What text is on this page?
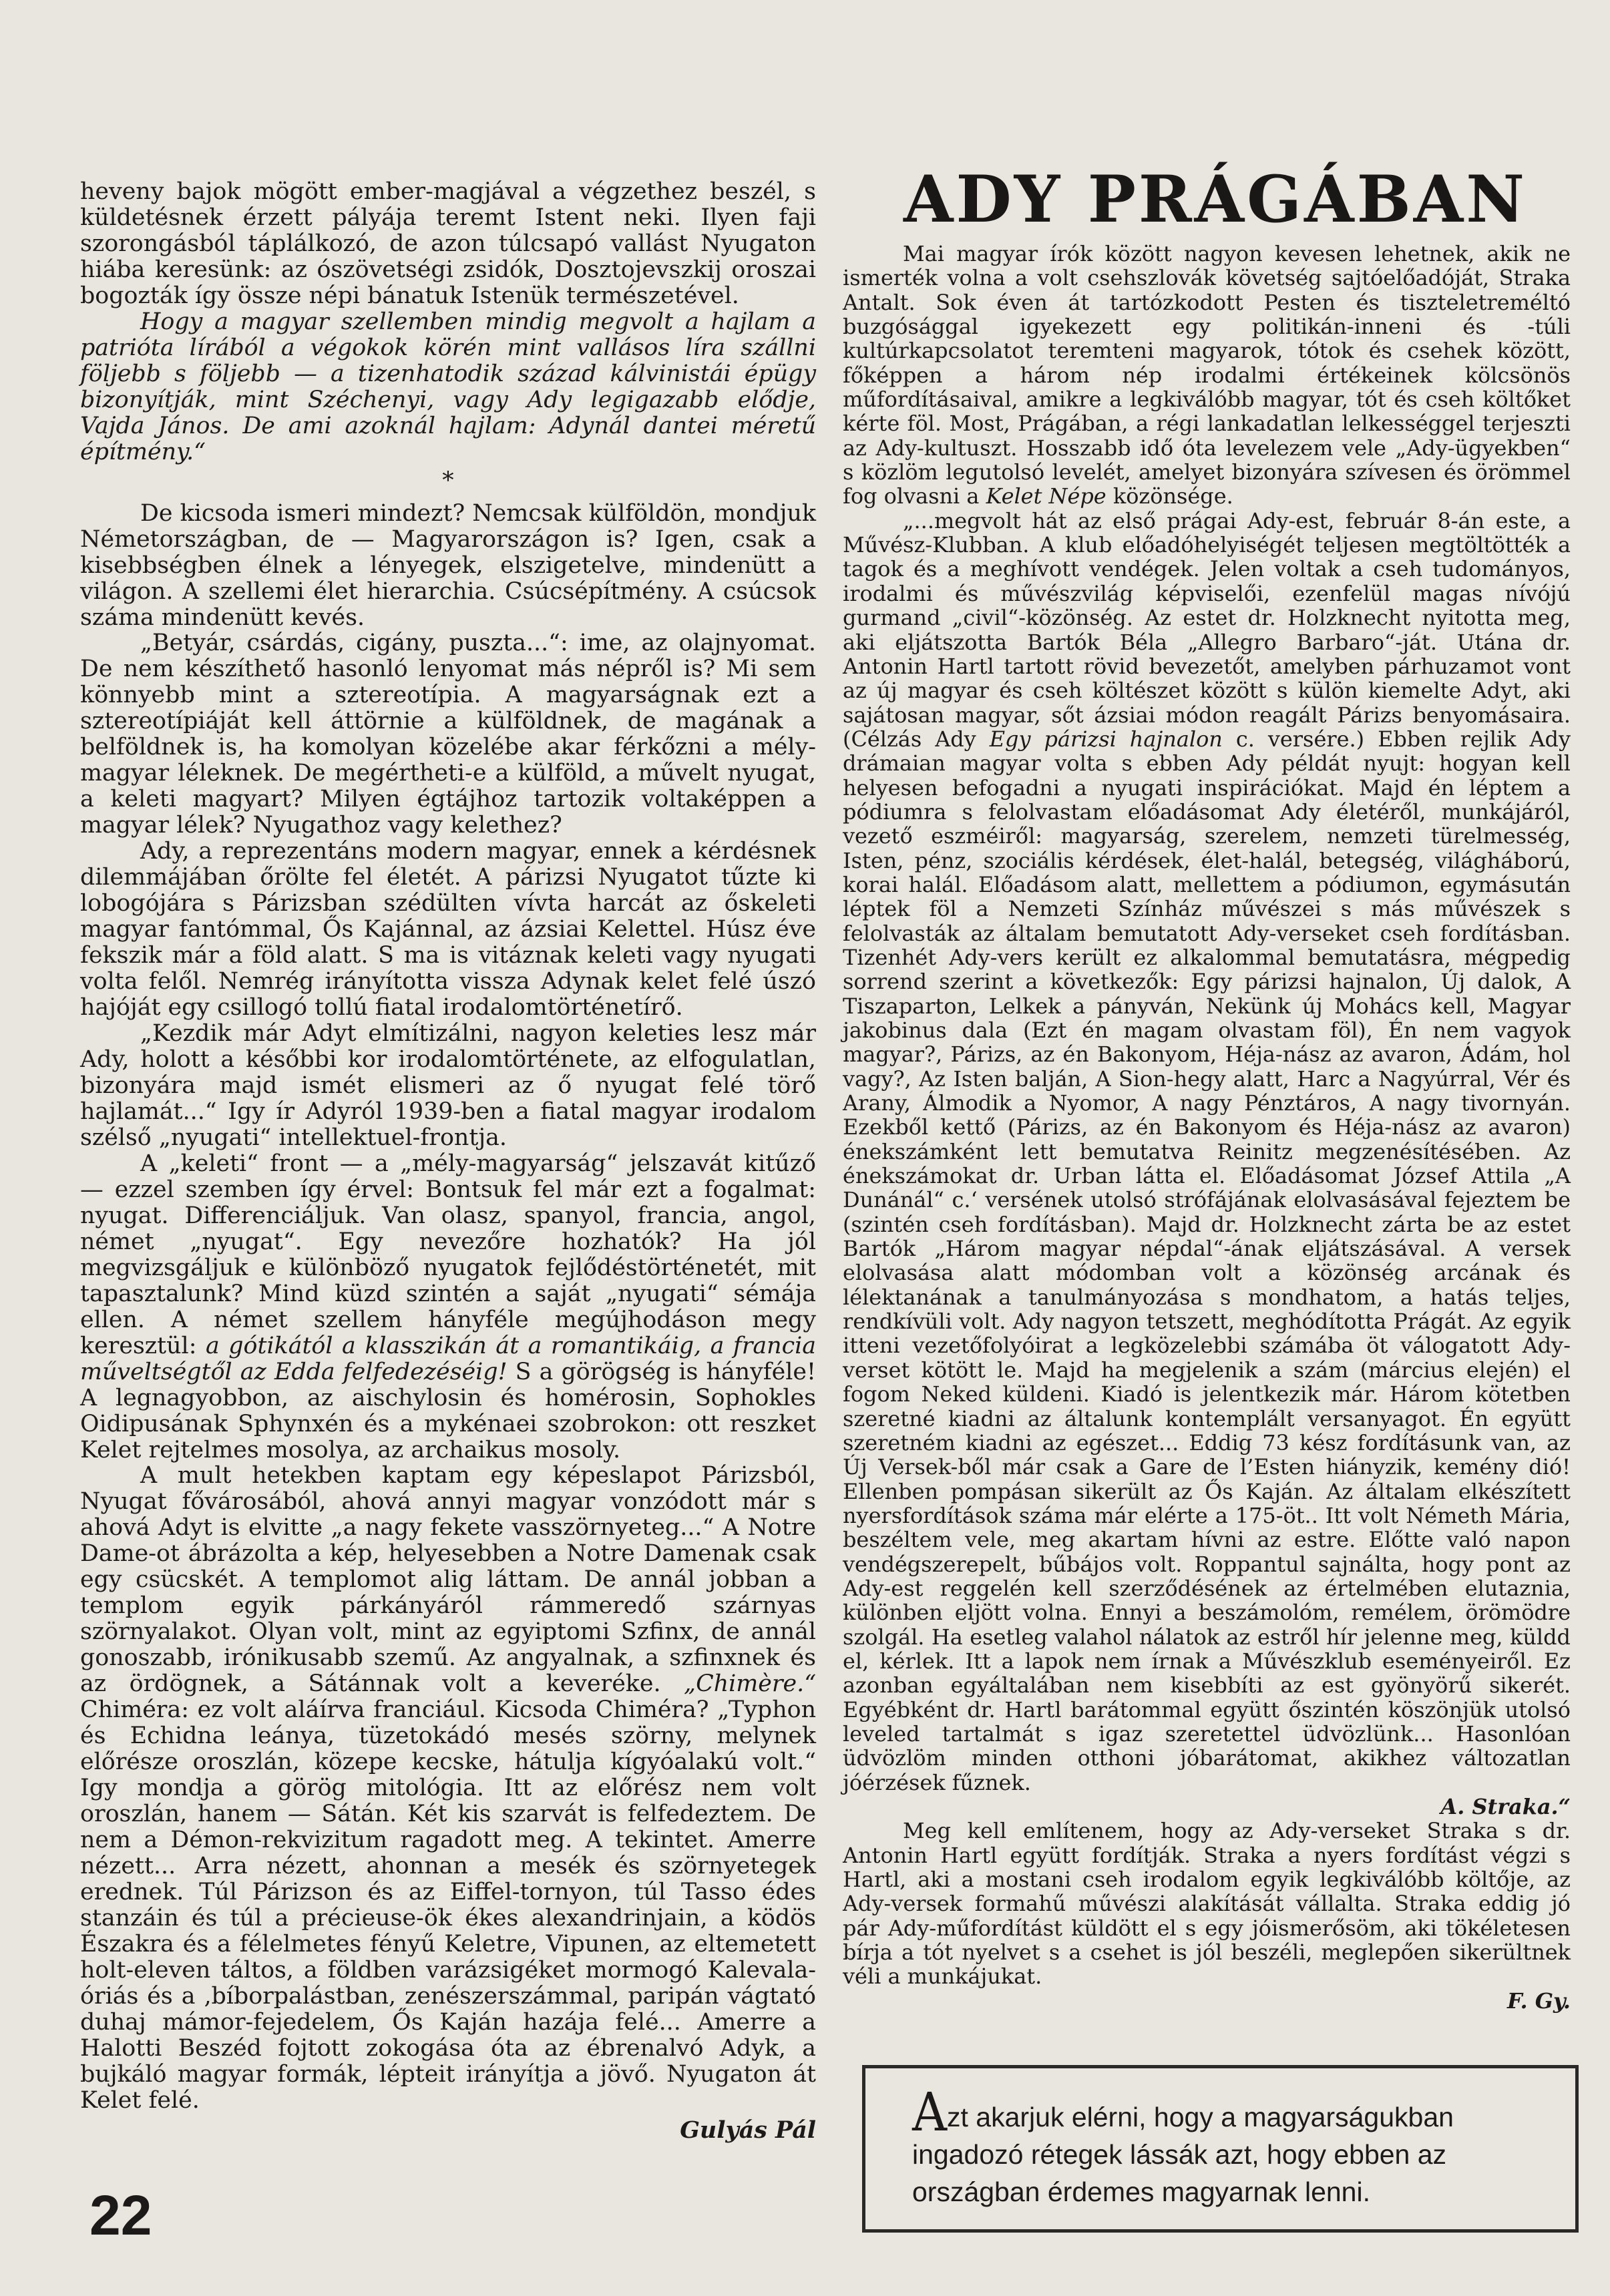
ADY PRÁGÁBAN

heveny bajok mögött ember-magjával a végzethez beszél, s küldetésnek érzett pályája teremt Istent neki. Ilyen faji szorongásból táplálkozó, de azon túlcsapó vallást Nyugaton hiába keresünk: az ószövetségi zsidók, Dosztojevszkij oroszai bogozták így össze népi bánatuk Istenük természetével.

Hogy a magyar szellemben mindig megvolt a hajlam a patrióta lírából a végokok körén mint vallásos líra szállni följebb s följebb — a tizenhatodik század kálvinistái épügy bizonyítják, mint Széchenyi, vagy Ady legigazabb elődje, Vajda János. De ami azoknál hajlam: Adynál dantei méretű építmény.“

*

De kicsoda ismeri mindezt? Nemcsak külföldön, mondjuk Németországban, de — Magyarországon is? Igen, csak a kisebbségben élnek a lényegek, elszigetelve, mindenütt a világon. A szellemi élet hierarchia. Csúcsépítmény. A csúcsok száma mindenütt kevés.

„Betyár, csárdás, cigány, puszta...“: ime, az olajnyomat. De nem készíthető hasonló lenyomat más népről is? Mi sem könnyebb mint a sztereotípia. A magyarságnak ezt a sztereotípiáját kell áttörnie a külföldnek, de magának a belföldnek is, ha komolyan közelébe akar férkőzni a mély-magyar léleknek. De megértheti-e a külföld, a művelt nyugat, a keleti magyart? Milyen égtájhoz tartozik voltaképpen a magyar lélek? Nyugathoz vagy kelethez?

Ady, a reprezentáns modern magyar, ennek a kérdésnek dilemmájában őrölte fel életét. A párizsi Nyugatot tűzte ki lobogójára s Párizsban szédülten vívta harcát az őskeleti magyar fantómmal, Ős Kajánnal, az ázsiai Kelettel. Húsz éve fekszik már a föld alatt. S ma is vitáznak keleti vagy nyugati volta felől. Nemrég irányította vissza Adynak kelet felé úszó hajóját egy csillogó tollú fiatal irodalomtörténetírő.

„Kezdik már Adyt elmítizálni, nagyon keleties lesz már Ady, holott a későbbi kor irodalomtörténete, az elfogulatlan, bizonyára majd ismét elismeri az ő nyugat felé törő hajlamát...“ Igy ír Adyról 1939-ben a fiatal magyar irodalom szélső „nyugati“ intellektuel-frontja.

A „keleti“ front — a „mély-magyarság“ jelszavát kitűző — ezzel szemben így érvel: Bontsuk fel már ezt a fogalmat: nyugat. Differenciáljuk. Van olasz, spanyol, francia, angol, német „nyugat“. Egy nevezőre hozhatók? Ha jól megvizsgáljuk e különböző nyugatok fejlődéstörténetét, mit tapasztalunk? Mind küzd szintén a saját „nyugati“ sémája ellen. A német szellem hányféle megújhodáson megy keresztül: a gótikától a klasszikán át a romantikáig, a francia műveltségtől az Edda felfedezéséig! S a görögség is hányféle! A legnagyobbon, az aischylosin és homérosin, Sophokles Oidipusának Sphynxén és a mykénaei szobrokon: ott reszket Kelet rejtelmes mosolya, az archaikus mosoly.

A mult hetekben kaptam egy képeslapot Párizsból, Nyugat fővárosából, ahová annyi magyar vonzódott már s ahová Adyt is elvitte „a nagy fekete vasszörnyeteg...“ A Notre Dame-ot ábrázolta a kép, helyesebben a Notre Damenak csak egy csücskét. A templomot alig láttam. De annál jobban a templom egyik párkányáról rámmeredő szárnyas szörnyalakot. Olyan volt, mint az egyiptomi Szfinx, de annál gonoszabb, irónikusabb szemű. Az angyalnak, a szfinxnek és az ördögnek, a Sátánnak volt a keveréke. „Chimère.“ Chiméra: ez volt aláírva franciául. Kicsoda Chiméra? „Typhon és Echidna leánya, tüzetokádó mesés szörny, melynek előrésze oroszlán, közepe kecske, hátulja kígyóalakú volt.“ Igy mondja a görög mitológia. Itt az előrész nem volt oroszlán, hanem — Sátán. Két kis szarvát is felfedeztem. De nem a Démon-rekvizitum ragadott meg. A tekintet. Amerre nézett... Arra nézett, ahonnan a mesék és szörnyetegek erednek. Túl Párizson és az Eiffel-tornyon, túl Tasso édes stanzáin és túl a précieuse-ök ékes alexandrinjain, a ködös Északra és a félelmetes fényű Keletre, Vipunen, az eltemetett holt-eleven táltos, a földben varázsigéket mormogó Kalevala-óriás és a ‚bíborpalástban, zenészerszámmal, paripán vágtató duhaj mámor-fejedelem, Ős Kaján hazája felé... Amerre a Halotti Beszéd fojtott zokogása óta az ébrenalvó Adyk, a bujkáló magyar formák, lépteit irányítja a jövő. Nyugaton át Kelet felé.

Gulyás Pál

Mai magyar írók között nagyon kevesen lehetnek, akik ne ismerték volna a volt csehszlovák követség sajtóelőadóját, Straka Antalt. Sok éven át tartózkodott Pesten és tiszteletreméltó buzgósággal igyekezett egy politikán-inneni és -túli kultúrkapcsolatot teremteni magyarok, tótok és csehek között, főképpen a három nép irodalmi értékeinek kölcsönös műfordításaival, amikre a legkiválóbb magyar, tót és cseh költőket kérte föl. Most, Prágában, a régi lankadatlan lelkességgel terjeszti az Ady-kultuszt. Hosszabb idő óta levelezem vele „Ady-ügyekben“ s közlöm legutolsó levelét, amelyet bizonyára szívesen és örömmel fog olvasni a Kelet Népe közönsége.

„...megvolt hát az első prágai Ady-est, február 8-án este, a Művész-Klubban. A klub előadóhelyiségét teljesen megtöltötték a tagok és a meghívott vendégek. Jelen voltak a cseh tudományos, irodalmi és művészvilág képviselői, ezenfelül magas nívójú gurmand „civil“-közönség. Az estet dr. Holzknecht nyitotta meg, aki eljátszotta Bartók Béla „Allegro Barbaro“-ját. Utána dr. Antonin Hartl tartott rövid bevezetőt, amelyben párhuzamot vont az új magyar és cseh költészet között s külön kiemelte Adyt, aki sajátosan magyar, sőt ázsiai módon reagált Párizs benyomásaira. (Célzás Ady Egy párizsi hajnalon c. versére.) Ebben rejlik Ady drámaian magyar volta s ebben Ady példát nyujt: hogyan kell helyesen befogadni a nyugati inspirációkat. Majd én léptem a pódiumra s felolvastam előadásomat Ady életéről, munkájáról, vezető eszméiről: magyarság, szerelem, nemzeti türelmesség, Isten, pénz, szociális kérdések, élet-halál, betegség, világháború, korai halál. Előadásom alatt, mellettem a pódiumon, egymásután léptek föl a Nemzeti Színház művészei s más művészek s felolvasták az általam bemutatott Ady-verseket cseh fordításban. Tizenhét Ady-vers került ez alkalommal bemutatásra, mégpedig sorrend szerint a következők: Egy párizsi hajnalon, Új dalok, A Tiszaparton, Lelkek a pányván, Nekünk új Mohács kell, Magyar jakobinus dala (Ezt én magam olvastam föl), Én nem vagyok magyar?, Párizs, az én Bakonyom, Héja-nász az avaron, Ádám, hol vagy?, Az Isten balján, A Sion-hegy alatt, Harc a Nagyúrral, Vér és Arany, Álmodik a Nyomor, A nagy Pénztáros, A nagy tivornyán. Ezekből kettő (Párizs, az én Bakonyom és Héja-nász az avaron) énekszámként lett bemutatva Reinitz megzenésítésében. Az énekszámokat dr. Urban látta el. Előadásomat József Attila „A Dunánál“ c.‘ versének utolsó strófájának elolvasásával fejeztem be (szintén cseh fordításban). Majd dr. Holzknecht zárta be az estet Bartók „Három magyar népdal“-ának eljátszásával. A versek elolvasása alatt módomban volt a közönség arcának és lélektanának a tanulmányozása s mondhatom, a hatás teljes, rendkívüli volt. Ady nagyon tetszett, meghódította Prágát. Az egyik itteni vezetőfolyóirat a legközelebbi számába öt válogatott Ady-verset kötött le. Majd ha megjelenik a szám (március elején) el fogom Neked küldeni. Kiadó is jelentkezik már. Három kötetben szeretné kiadni az általunk kontemplált versanyagot. Én együtt szeretném kiadni az egészet... Eddig 73 kész fordításunk van, az Új Versek-ből már csak a Gare de l’Esten hiányzik, kemény dió! Ellenben pompásan sikerült az Ős Kaján. Az általam elkészített nyersfordítások száma már elérte a 175-öt.. Itt volt Németh Mária, beszéltem vele, meg akartam hívni az estre. Előtte való napon vendégszerepelt, bűbájos volt. Roppantul sajnálta, hogy pont az Ady-est reggelén kell szerződésének az értelmében elutaznia, különben eljött volna. Ennyi a beszámolóm, remélem, örömödre szolgál. Ha esetleg valahol nálatok az estről hír jelenne meg, küldd el, kérlek. Itt a lapok nem írnak a Művészklub eseményeiről. Ez azonban egyáltalában nem kisebbíti az est gyönyörű sikerét. Egyébként dr. Hartl barátommal együtt őszintén köszönjük utolsó leveled tartalmát s igaz szeretettel üdvözlünk... Hasonlóan üdvözlöm minden otthoni jóbarátomat, akikhez változatlan jóérzések fűznek.

A. Straka.“

Meg kell említenem, hogy az Ady-verseket Straka s dr. Antonin Hartl együtt fordítják. Straka a nyers fordítást végzi s Hartl, aki a mostani cseh irodalom egyik legkiválóbb költője, az Ady-versek formahű művészi alakítását vállalta. Straka eddig jó pár Ady-műfordítást küldött el s egy jóismerősöm, aki tökéletesen bírja a tót nyelvet s a csehet is jól beszéli, meglepően sikerültnek véli a munkájukat.

F. Gy.

Azt akarjuk elérni, hogy a magyarságukban ingadozó rétegek lássák azt, hogy ebben az országban érdemes magyarnak lenni.
22
